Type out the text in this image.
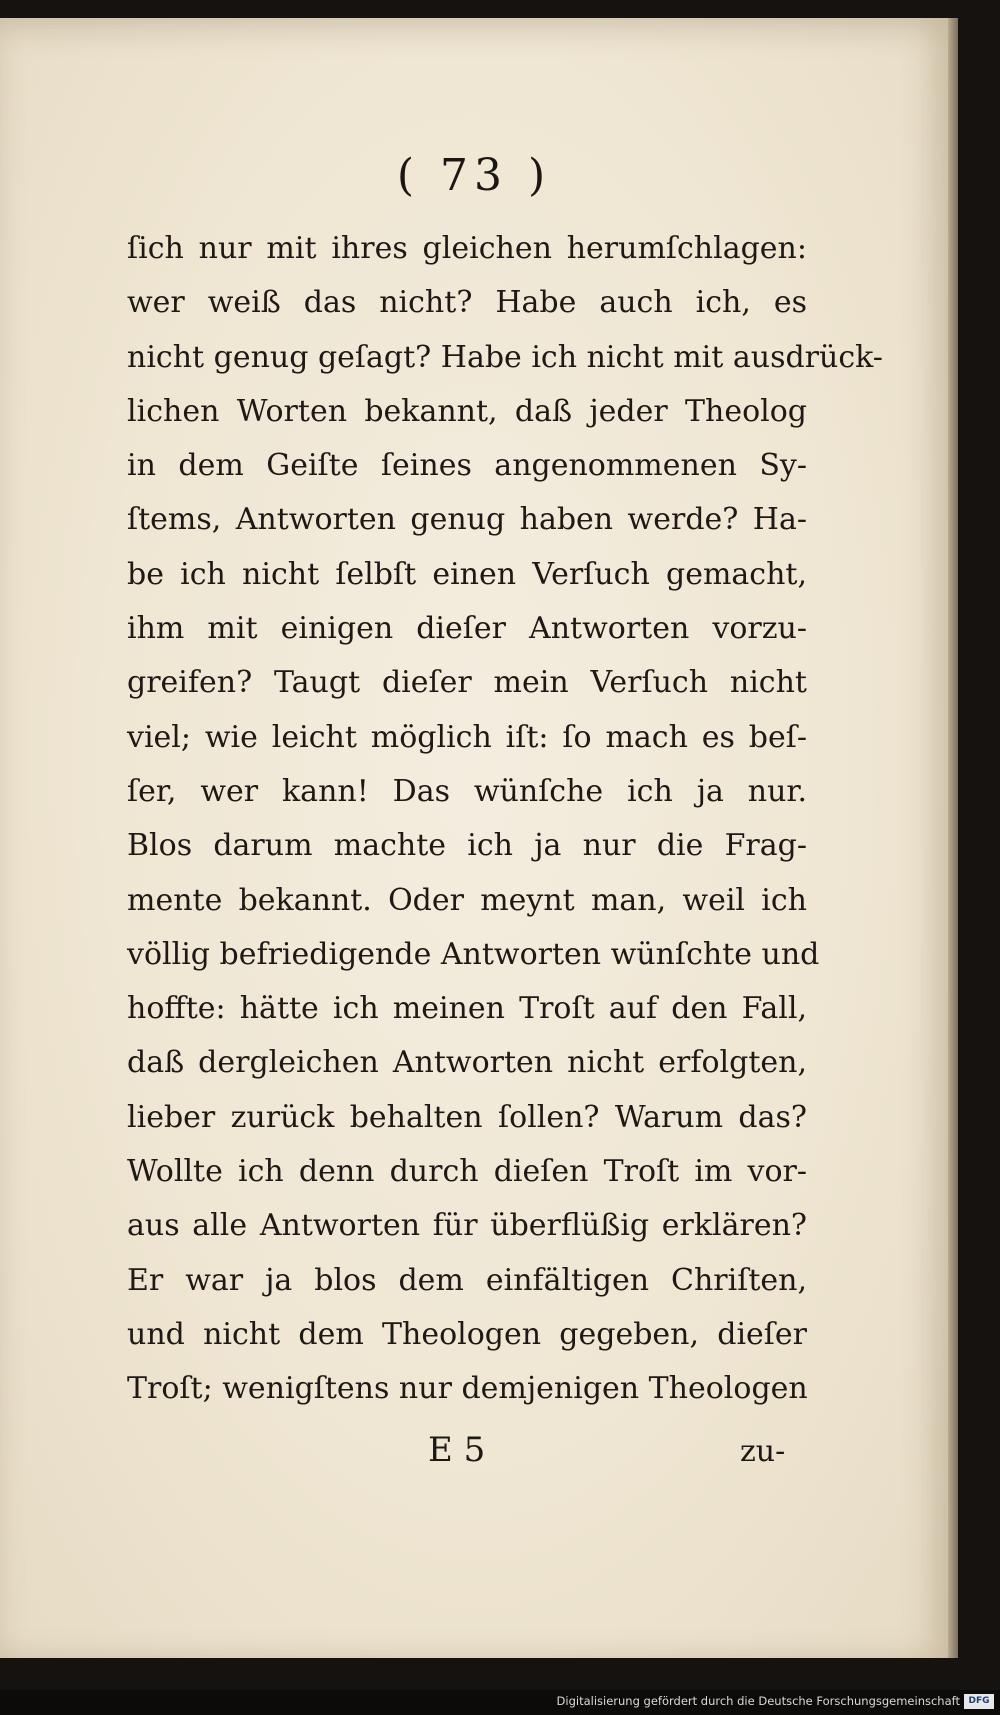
( 73 )
ſich nur mit ihres gleichen herumſchlagen:
wer weiß das nicht? Habe auch ich, es
nicht genug geſagt? Habe ich nicht mit ausdrück-
lichen Worten bekannt, daß jeder Theolog
in dem Geiſte ſeines angenommenen Sy-
ſtems, Antworten genug haben werde? Ha-
be ich nicht ſelbſt einen Verſuch gemacht,
ihm mit einigen dieſer Antworten vorzu-
greifen? Taugt dieſer mein Verſuch nicht
viel; wie leicht möglich iſt: ſo mach es beſ-
ſer, wer kann! Das wünſche ich ja nur.
Blos darum machte ich ja nur die Frag-
mente bekannt. Oder meynt man, weil ich
völlig befriedigende Antworten wünſchte und
hoffte: hätte ich meinen Troſt auf den Fall,
daß dergleichen Antworten nicht erfolgten,
lieber zurück behalten ſollen? Warum das?
Wollte ich denn durch dieſen Troſt im vor-
aus alle Antworten für überflüßig erklären?
Er war ja blos dem einfältigen Chriſten,
und nicht dem Theologen gegeben, dieſer
Troſt; wenigſtens nur demjenigen Theologen
E 5	zu-
Digitalisierung gefördert durch die Deutsche Forschungsgemeinschaft DFG
